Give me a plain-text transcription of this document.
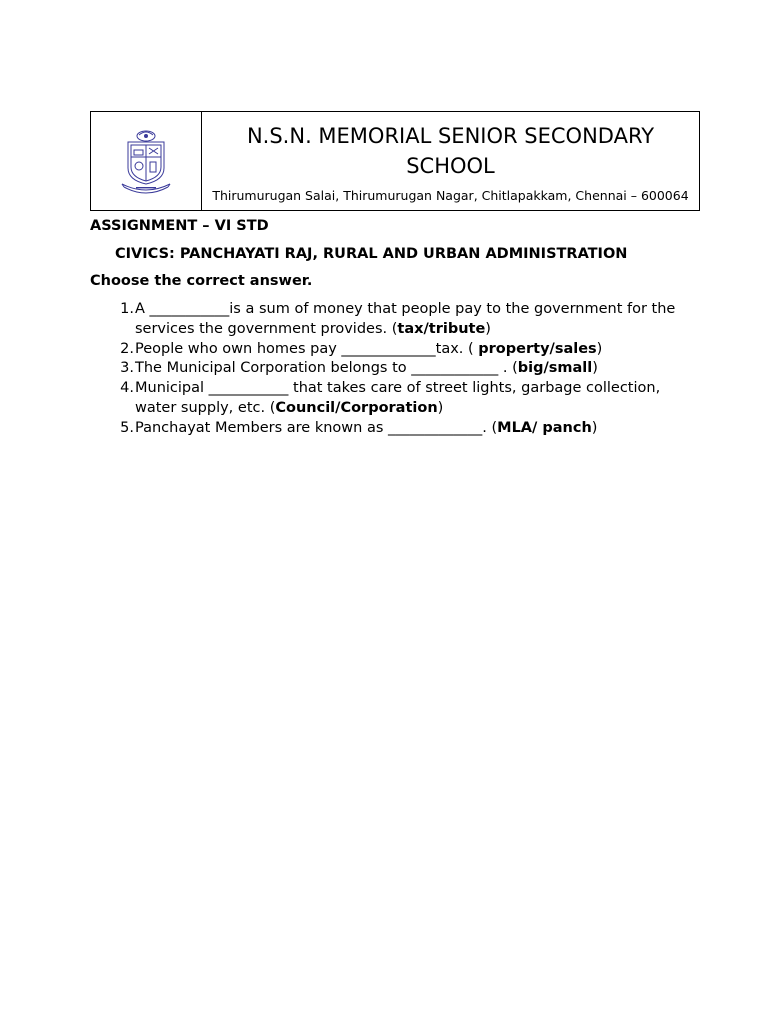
N.S.N. MEMORIAL SENIOR SECONDARY SCHOOL
Thirumurugan Salai, Thirumurugan Nagar, Chitlapakkam, Chennai – 600064
ASSIGNMENT – VI STD
CIVICS: PANCHAYATI RAJ, RURAL AND URBAN ADMINISTRATION
Choose the correct answer.
1. A ___________is a sum of money that people pay to the government for the services the government provides. (tax/tribute)
2. People who own homes pay _____________tax. ( property/sales)
3. The Municipal Corporation belongs to ____________ . (big/small)
4. Municipal ___________ that takes care of street lights, garbage collection, water supply, etc. (Council/Corporation)
5. Panchayat Members are known as _____________. (MLA/ panch)
